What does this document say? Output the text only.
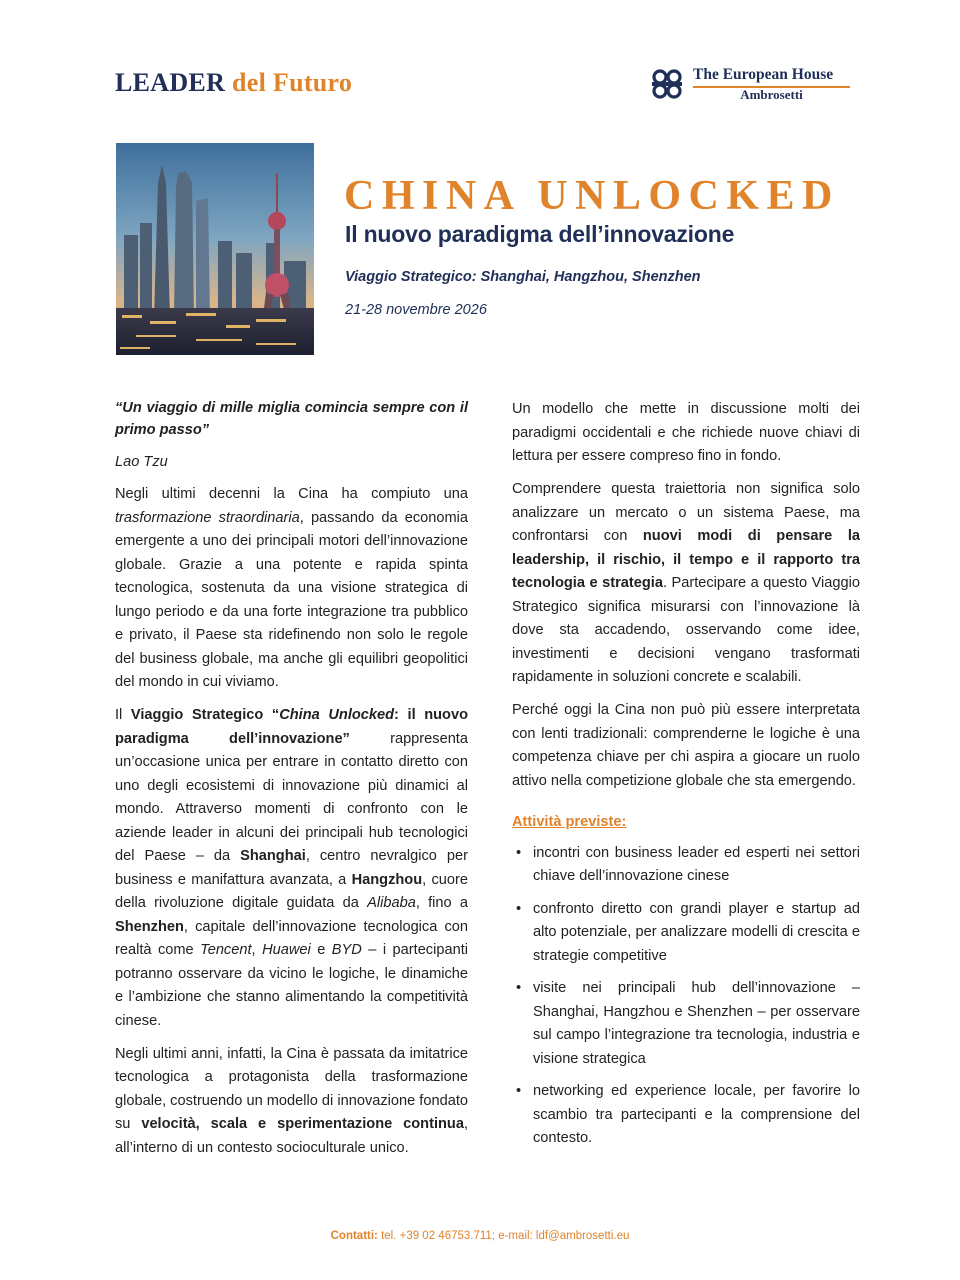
LEADER del Futuro	The European House
Ambrosetti
CHINA UNLOCKED
Il nuovo paradigma dell’innovazione
Viaggio Strategico: Shanghai, Hangzhou, Shenzhen
21-28 novembre 2026

“Un viaggio di mille miglia comincia sempre con il primo passo”

Lao Tzu

Negli ultimi decenni la Cina ha compiuto una trasformazione straordinaria, passando da economia emergente a uno dei principali motori dell’innovazione globale. Grazie a una potente e rapida spinta tecnologica, sostenuta da una visione strategica di lungo periodo e da una forte integrazione tra pubblico e privato, il Paese sta ridefinendo non solo le regole del business globale, ma anche gli equilibri geopolitici del mondo in cui viviamo.

Il Viaggio Strategico “China Unlocked: il nuovo paradigma dell’innovazione” rappresenta un’occasione unica per entrare in contatto diretto con uno degli ecosistemi di innovazione più dinamici al mondo. Attraverso momenti di confronto con le aziende leader in alcuni dei principali hub tecnologici del Paese – da Shanghai, centro nevralgico per business e manifattura avanzata, a Hangzhou, cuore della rivoluzione digitale guidata da Alibaba, fino a Shenzhen, capitale dell’innovazione tecnologica con realtà come Tencent, Huawei e BYD – i partecipanti potranno osservare da vicino le logiche, le dinamiche e l’ambizione che stanno alimentando la competitività cinese.

Negli ultimi anni, infatti, la Cina è passata da imitatrice tecnologica a protagonista della trasformazione globale, costruendo un modello di innovazione fondato su velocità, scala e sperimentazione continua, all’interno di un contesto socioculturale unico.

Un modello che mette in discussione molti dei paradigmi occidentali e che richiede nuove chiavi di lettura per essere compreso fino in fondo.

Comprendere questa traiettoria non significa solo analizzare un mercato o un sistema Paese, ma confrontarsi con nuovi modi di pensare la leadership, il rischio, il tempo e il rapporto tra tecnologia e strategia. Partecipare a questo Viaggio Strategico significa misurarsi con l’innovazione là dove sta accadendo, osservando come idee, investimenti e decisioni vengano trasformati rapidamente in soluzioni concrete e scalabili.

Perché oggi la Cina non può più essere interpretata con lenti tradizionali: comprenderne le logiche è una competenza chiave per chi aspira a giocare un ruolo attivo nella competizione globale che sta emergendo.

Attività previste:

• incontri con business leader ed esperti nei settori chiave dell’innovazione cinese
• confronto diretto con grandi player e startup ad alto potenziale, per analizzare modelli di crescita e strategie competitive
• visite nei principali hub dell’innovazione – Shanghai, Hangzhou e Shenzhen – per osservare sul campo l’integrazione tra tecnologia, industria e visione strategica
• networking ed experience locale, per favorire lo scambio tra partecipanti e la comprensione del contesto.
Contatti: tel. +39 02 46753.711; e-mail: ldf@ambrosetti.eu
